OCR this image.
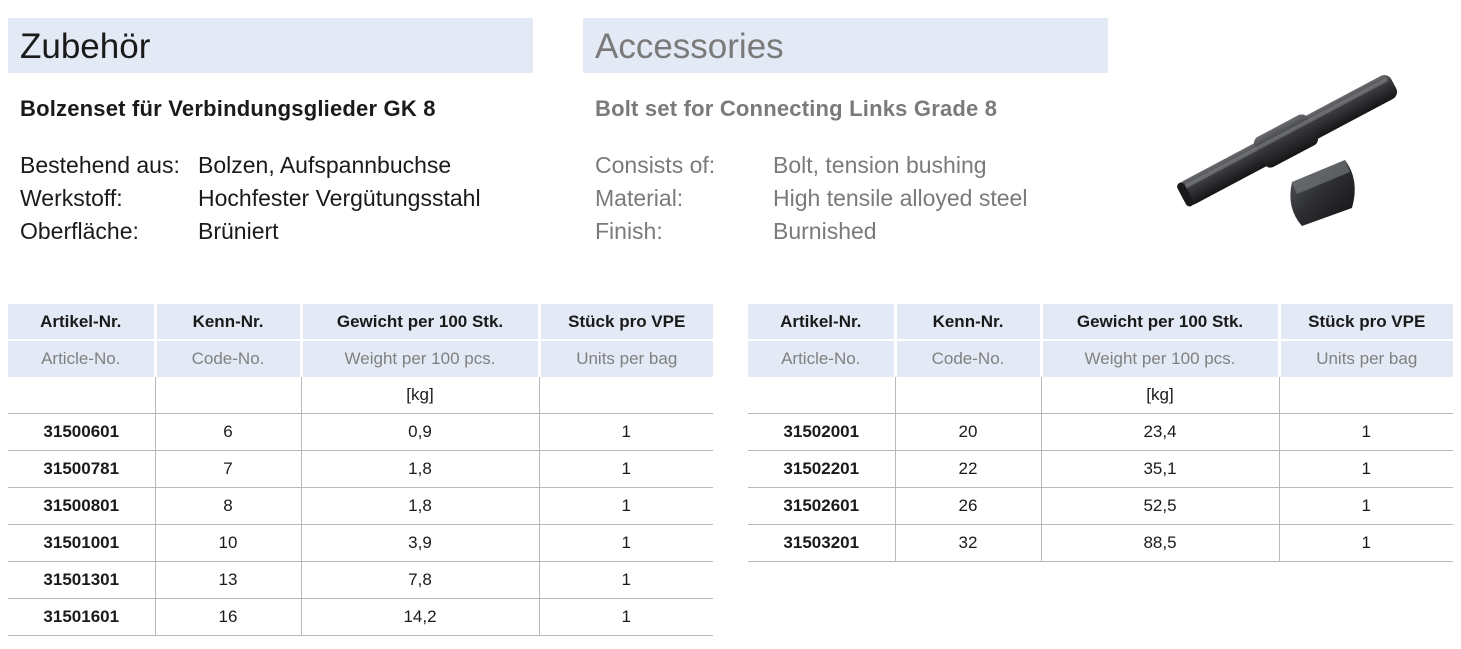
Zubehör	Accessories
Bolzenset für Verbindungsglieder GK 8	Bolt set for Connecting Links Grade 8
Bestehend aus: Bolzen, Aufspannbuchse
Werkstoff:	Hochfester Vergütungsstahl
Oberfläche:	Brüniert
Consists of:	Bolt, tension bushing
Material:	High tensile alloyed steel
Finish:	Burnished
Artikel-Nr.	Kenn-Nr.	Gewicht per 100 Stk.	Stück pro VPE
Article-No.	Code-No.	Weight per 100 pcs.	Units per bag
		[kg]	
31500601	6	0,9	1
31500781	7	1,8	1
31500801	8	1,8	1
31501001	10	3,9	1
31501301	13	7,8	1
31501601	16	14,2	1
Artikel-Nr.	Kenn-Nr.	Gewicht per 100 Stk.	Stück pro VPE
Article-No.	Code-No.	Weight per 100 pcs.	Units per bag
		[kg]	
31502001	20	23,4	1
31502201	22	35,1	1
31502601	26	52,5	1
31503201	32	88,5	1
